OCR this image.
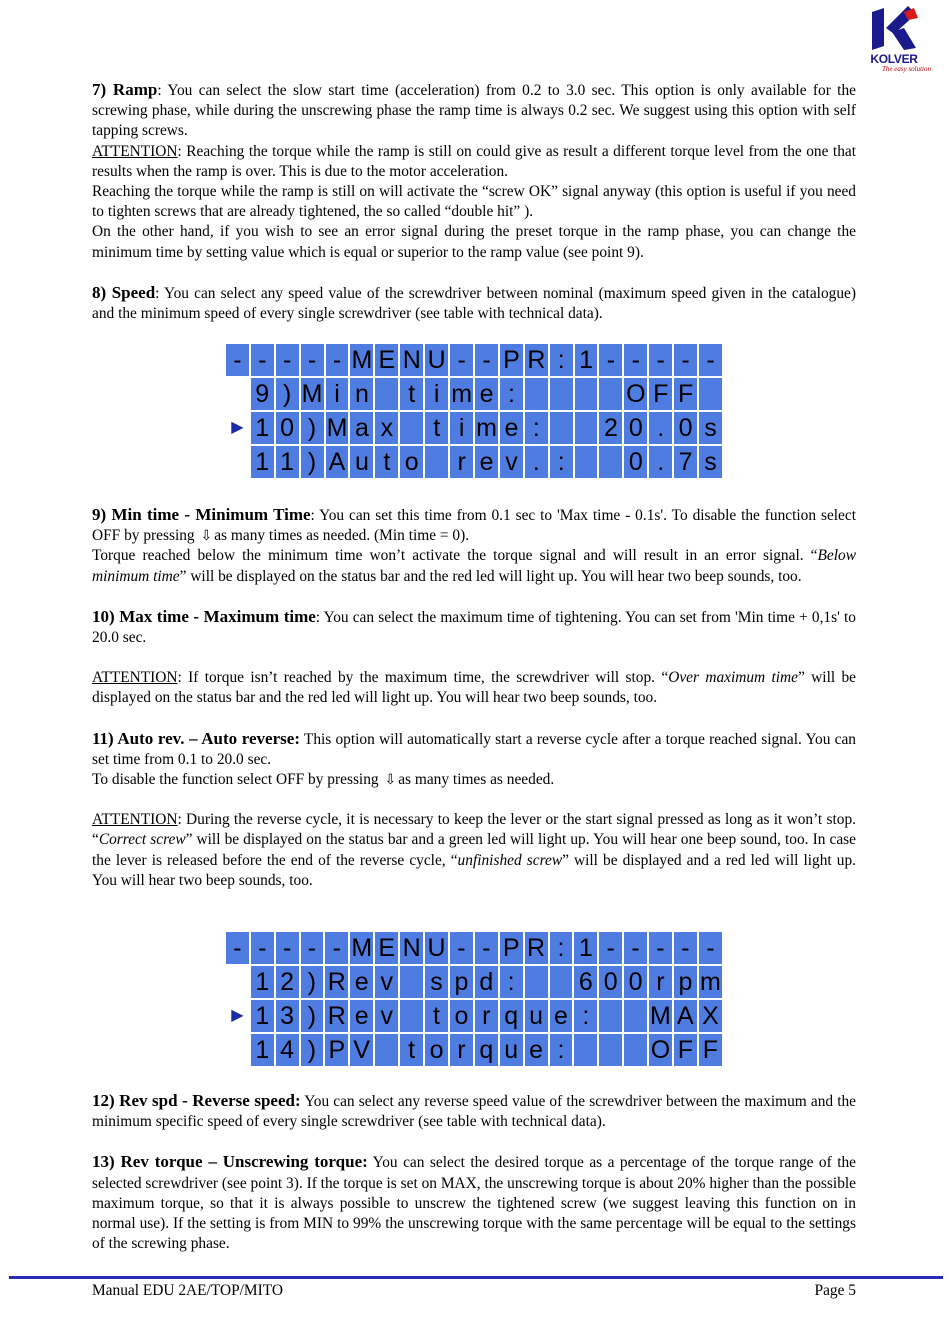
KOLVER
The easy solution

7) Ramp: You can select the slow start time (acceleration) from 0.2 to 3.0 sec. This option is only available for the screwing phase, while during the unscrewing phase the ramp time is always 0.2 sec. We suggest using this option with self tapping screws.

ATTENTION: Reaching the torque while the ramp is still on could give as result a different torque level from the one that results when the ramp is over. This is due to the motor acceleration.

Reaching the torque while the ramp is still on will activate the “screw OK” signal anyway (this option is useful if you need to tighten screws that are already tightened, the so called “double hit” ).

On the other hand, if you wish to see an error signal during the preset torque in the ramp phase, you can change the minimum time by setting value which is equal or superior to the ramp value (see point 9).

8) Speed: You can select any speed value of the screwdriver between nominal (maximum speed given in the catalogue) and the minimum speed of every single screwdriver (see table with technical data).

-	-	-	-	-	M	E	N	U	-	-	P	R	:	1	-	-	-	-	-
	9	)	M	i	n		t	i	m	e	:					O	F	F	
▶	1	0	)	M	a	x		t	i	m	e	:			2	0	.	0	s
	1	1	)	A	u	t	o		r	e	v	.	:			0	.	7	s

9) Min time - Minimum Time: You can set this time from 0.1 sec to 'Max time - 0.1s'. To disable the function select OFF by pressing ⇩ as many times as needed. (Min time = 0).

Torque reached below the minimum time won’t activate the torque signal and will result in an error signal. “Below minimum time” will be displayed on the status bar and the red led will light up. You will hear two beep sounds, too.

10) Max time - Maximum time: You can select the maximum time of tightening. You can set from 'Min time + 0,1s' to 20.0 sec.

ATTENTION: If torque isn’t reached by the maximum time, the screwdriver will stop. “Over maximum time” will be displayed on the status bar and the red led will light up. You will hear two beep sounds, too.

11) Auto rev. – Auto reverse: This option will automatically start a reverse cycle after a torque reached signal. You can set time from 0.1 to 20.0 sec.

To disable the function select OFF by pressing ⇩ as many times as needed.

ATTENTION: During the reverse cycle, it is necessary to keep the lever or the start signal pressed as long as it won’t stop. “Correct screw” will be displayed on the status bar and a green led will light up. You will hear one beep sound, too. In case the lever is released before the end of the reverse cycle, “unfinished screw” will be displayed and a red led will light up. You will hear two beep sounds, too.

-	-	-	-	-	M	E	N	U	-	-	P	R	:	1	-	-	-	-	-
	1	2	)	R	e	v		s	p	d	:			6	0	0	r	p	m
▶	1	3	)	R	e	v		t	o	r	q	u	e	:			M	A	X
	1	4	)	P	V		t	o	r	q	u	e	:				O	F	F

12) Rev spd - Reverse speed: You can select any reverse speed value of the screwdriver between the maximum and the minimum specific speed of every single screwdriver (see table with technical data).

13) Rev torque – Unscrewing torque: You can select the desired torque as a percentage of the torque range of the selected screwdriver (see point 3). If the torque is set on MAX, the unscrewing torque is about 20% higher than the possible maximum torque, so that it is always possible to unscrew the tightened screw (we suggest leaving this function on in normal use). If the setting is from MIN to 99% the unscrewing torque with the same percentage will be equal to the settings of the screwing phase.

Manual EDU 2AE/TOP/MITO	Page 5
